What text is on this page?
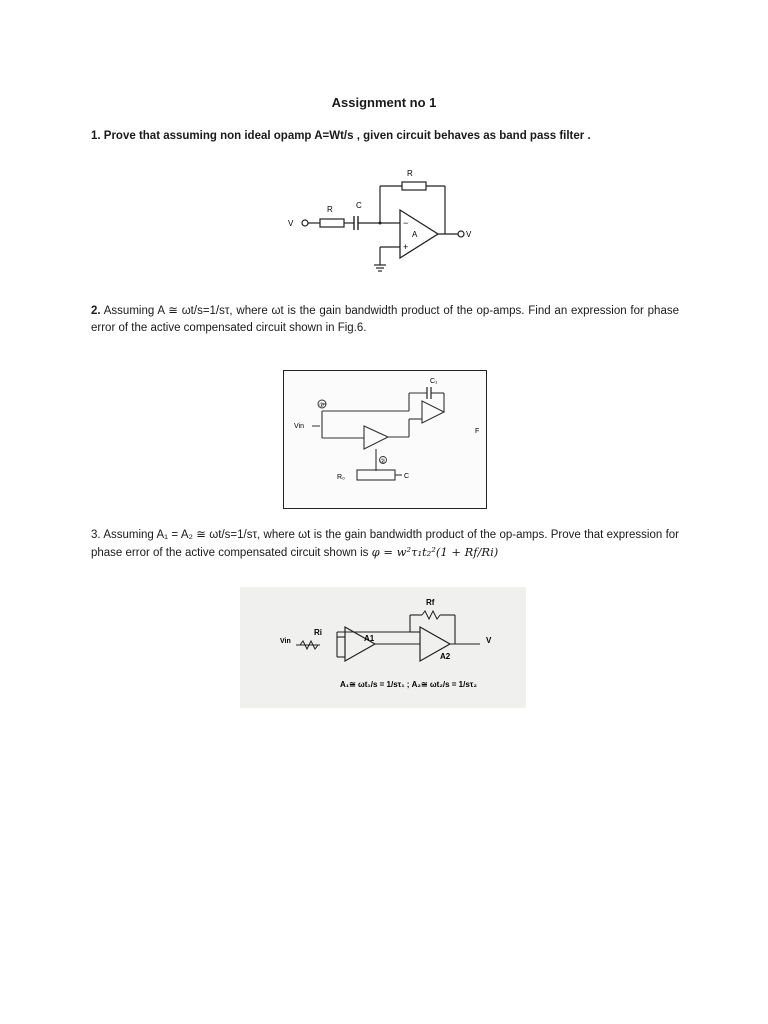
Assignment no 1
1. Prove that assuming non ideal opamp A=Wt/s , given circuit behaves as band pass filter .
V
R	C
R
−
+
A	V
2. Assuming A ≅ ωt/s=1/sτ, where ωt is the gain bandwidth product of the op-amps. Find an expression for phase error of the active compensated circuit shown in Fig.6.
①
C₁
Vin
②
R₀	C
F
3. Assuming A₁ = A₂ ≅ ωt/s=1/sτ, where ωt is the gain bandwidth product of the op-amps. Prove that expression for phase error of the active compensated circuit shown is φ = w²τ₁t₂²(1 + Rf/Ri)
Vin
Ri
A1
A2
Rf
V
A₁≅ ωt₁/s = 1/sτ₁ ; A₂≅ ωt₂/s = 1/sτ₂
